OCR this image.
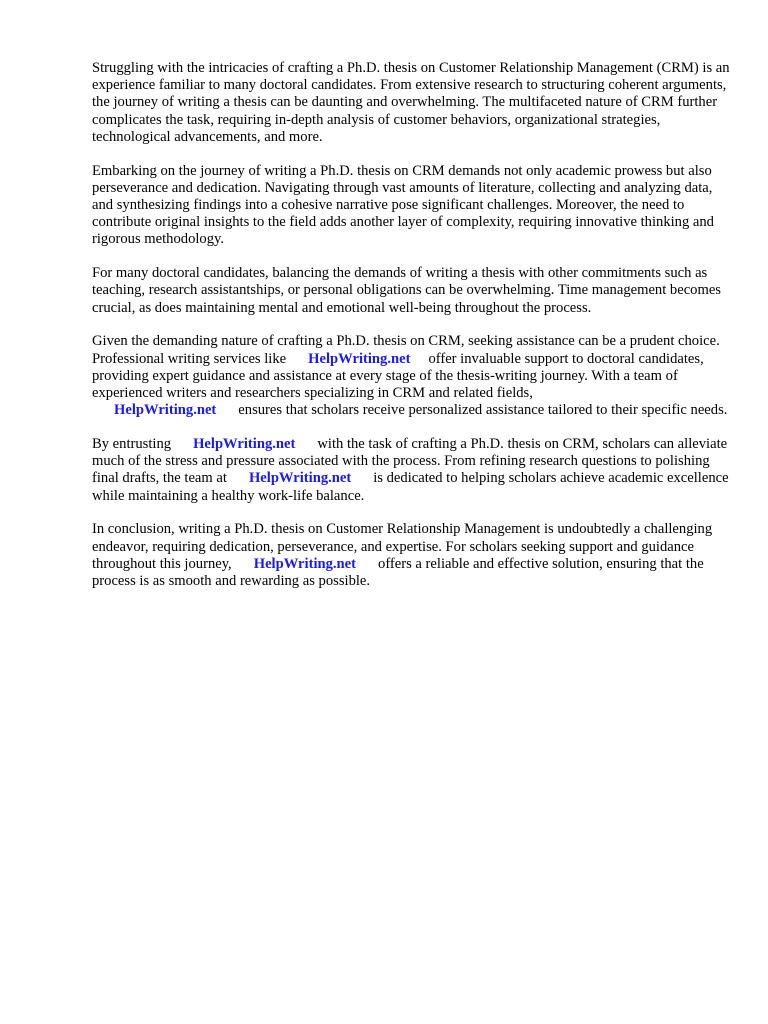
Struggling with the intricacies of crafting a Ph.D. thesis on Customer Relationship Management (CRM) is an experience familiar to many doctoral candidates. From extensive research to structuring coherent arguments, the journey of writing a thesis can be daunting and overwhelming. The multifaceted nature of CRM further complicates the task, requiring in-depth analysis of customer behaviors, organizational strategies, technological advancements, and more.

Embarking on the journey of writing a Ph.D. thesis on CRM demands not only academic prowess but also perseverance and dedication. Navigating through vast amounts of literature, collecting and analyzing data, and synthesizing findings into a cohesive narrative pose significant challenges. Moreover, the need to contribute original insights to the field adds another layer of complexity, requiring innovative thinking and rigorous methodology.

For many doctoral candidates, balancing the demands of writing a thesis with other commitments such as teaching, research assistantships, or personal obligations can be overwhelming. Time management becomes crucial, as does maintaining mental and emotional well-being throughout the process.

Given the demanding nature of crafting a Ph.D. thesis on CRM, seeking assistance can be a prudent choice. Professional writing services like HelpWriting.net offer invaluable support to doctoral candidates, providing expert guidance and assistance at every stage of the thesis-writing journey. With a team of experienced writers and researchers specializing in CRM and related fields,
HelpWriting.net ensures that scholars receive personalized assistance tailored to their specific needs.

By entrusting HelpWriting.net with the task of crafting a Ph.D. thesis on CRM, scholars can alleviate much of the stress and pressure associated with the process. From refining research questions to polishing final drafts, the team at HelpWriting.net is dedicated to helping scholars achieve academic excellence while maintaining a healthy work-life balance.

In conclusion, writing a Ph.D. thesis on Customer Relationship Management is undoubtedly a challenging endeavor, requiring dedication, perseverance, and expertise. For scholars seeking support and guidance throughout this journey, HelpWriting.net offers a reliable and effective solution, ensuring that the process is as smooth and rewarding as possible.
